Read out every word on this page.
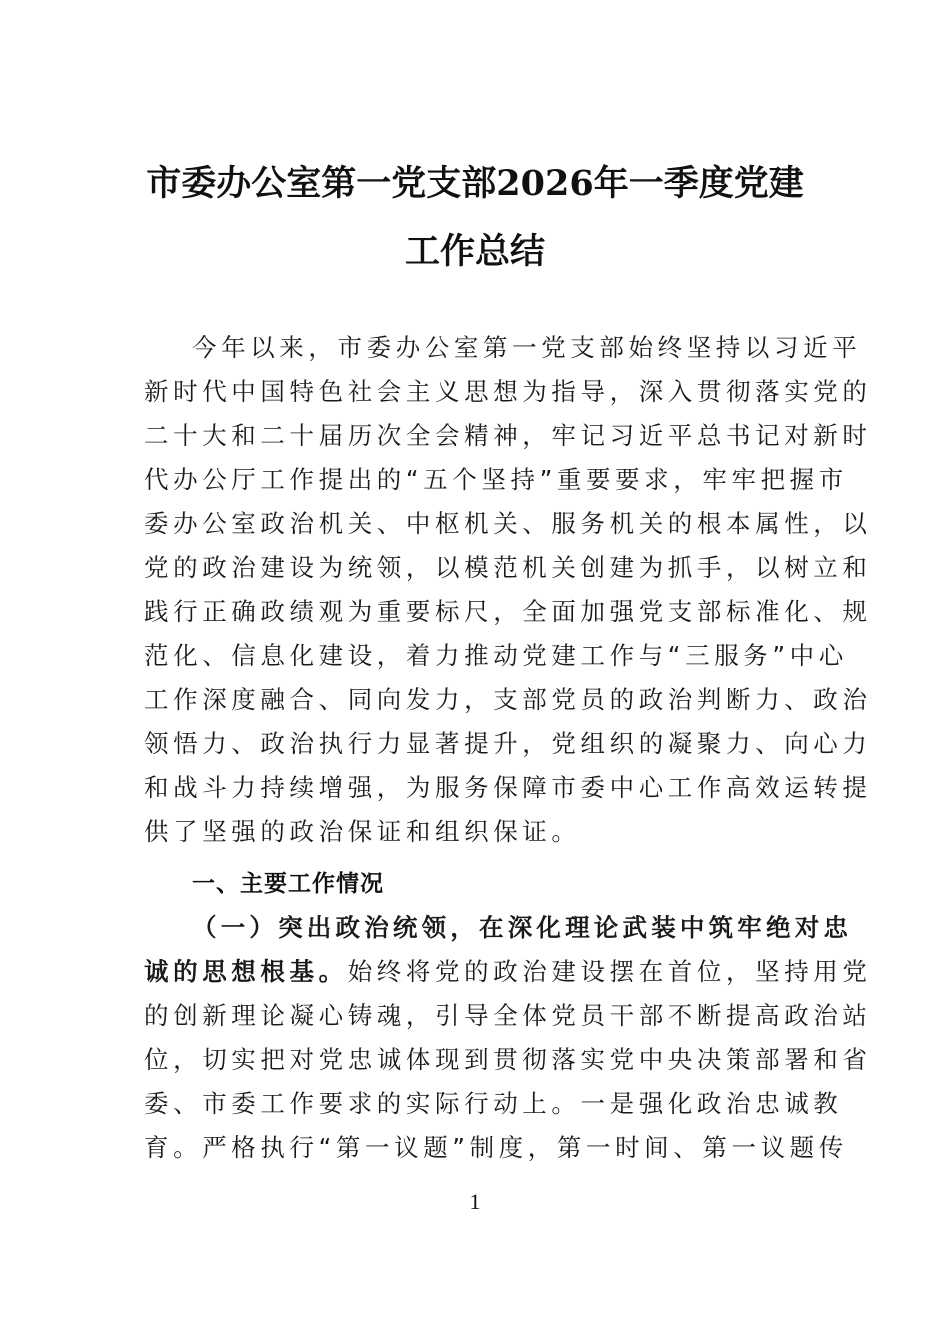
市委办公室第一党支部2026年一季度党建
工作总结
今年以来，市委办公室第一党支部始终坚持以习近平
新时代中国特色社会主义思想为指导，深入贯彻落实党的
二十大和二十届历次全会精神，牢记习近平总书记对新时
代办公厅工作提出的“五个坚持”重要要求，牢牢把握市
委办公室政治机关、中枢机关、服务机关的根本属性，以
党的政治建设为统领，以模范机关创建为抓手，以树立和
践行正确政绩观为重要标尺，全面加强党支部标准化、规
范化、信息化建设，着力推动党建工作与“三服务”中心
工作深度融合、同向发力，支部党员的政治判断力、政治
领悟力、政治执行力显著提升，党组织的凝聚力、向心力
和战斗力持续增强，为服务保障市委中心工作高效运转提
供了坚强的政治保证和组织保证。
一、主要工作情况
（一）突出政治统领，在深化理论武装中筑牢绝对忠
诚的思想根基。始终将党的政治建设摆在首位，坚持用党
的创新理论凝心铸魂，引导全体党员干部不断提高政治站
位，切实把对党忠诚体现到贯彻落实党中央决策部署和省
委、市委工作要求的实际行动上。一是强化政治忠诚教
育。严格执行“第一议题”制度，第一时间、第一议题传
1
